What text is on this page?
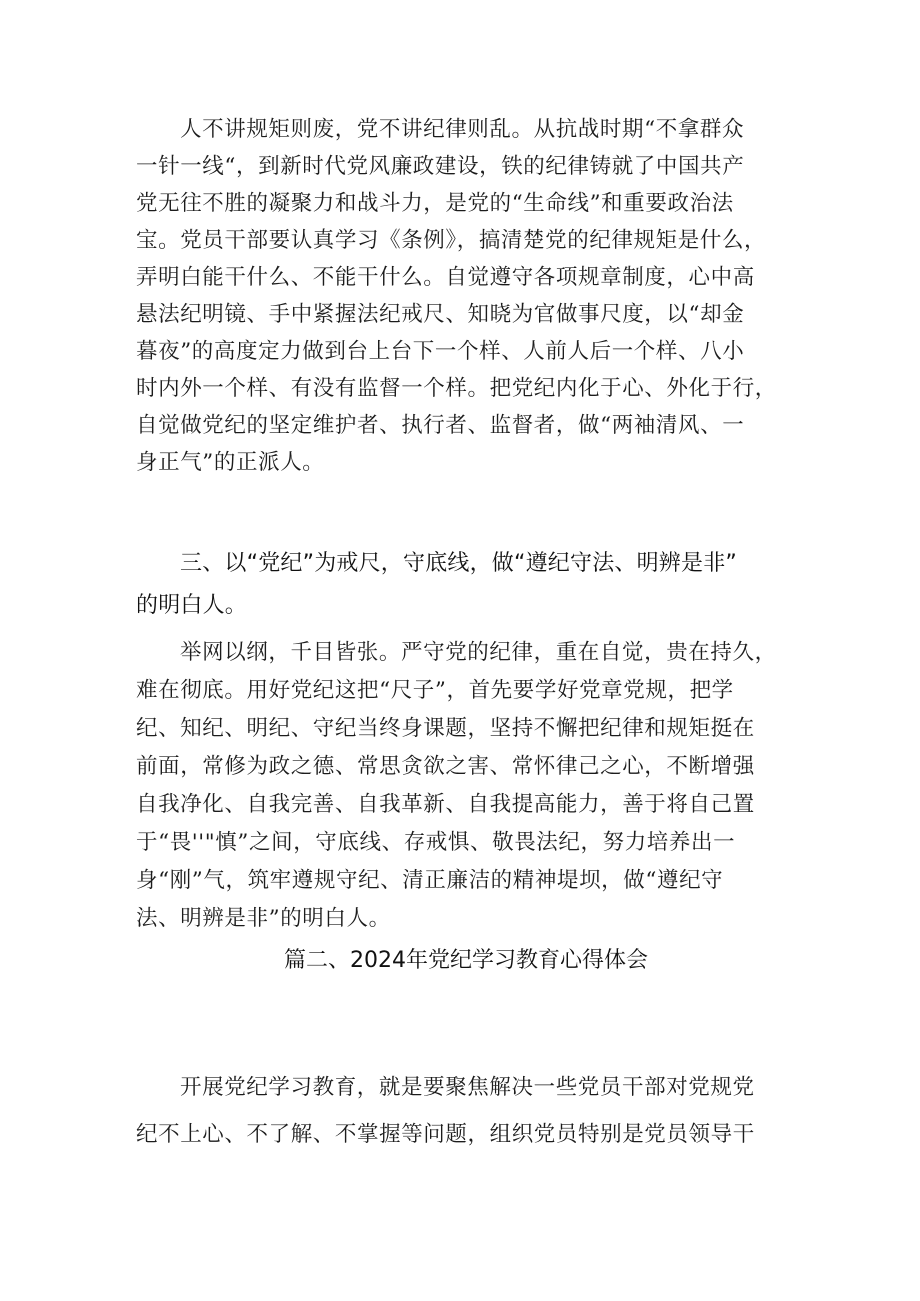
人不讲规矩则废，党不讲纪律则乱。从抗战时期“不拿群众
一针一线“，到新时代党风廉政建设，铁的纪律铸就了中国共产
党无往不胜的凝聚力和战斗力，是党的“生命线”和重要政治法
宝。党员干部要认真学习《条例》，搞清楚党的纪律规矩是什么，
弄明白能干什么、不能干什么。自觉遵守各项规章制度，心中高
悬法纪明镜、手中紧握法纪戒尺、知晓为官做事尺度，以“却金
暮夜”的高度定力做到台上台下一个样、人前人后一个样、八小
时内外一个样、有没有监督一个样。把党纪内化于心、外化于行，
自觉做党纪的坚定维护者、执行者、监督者，做“两袖清风、一
身正气”的正派人。
三、以“党纪”为戒尺，守底线，做“遵纪守法、明辨是非”
的明白人。
举网以纲，千目皆张。严守党的纪律，重在自觉，贵在持久，
难在彻底。用好党纪这把“尺子”，首先要学好党章党规，把学
纪、知纪、明纪、守纪当终身课题，坚持不懈把纪律和规矩挺在
前面，常修为政之德、常思贪欲之害、常怀律己之心，不断增强
自我净化、自我完善、自我革新、自我提高能力，善于将自己置
于“畏''"慎”之间，守底线、存戒惧、敬畏法纪，努力培养出一
身“刚”气，筑牢遵规守纪、清正廉洁的精神堤坝，做“遵纪守
法、明辨是非”的明白人。
篇二、2024年党纪学习教育心得体会
开展党纪学习教育，就是要聚焦解决一些党员干部对党规党
纪不上心、不了解、不掌握等问题，组织党员特别是党员领导干
